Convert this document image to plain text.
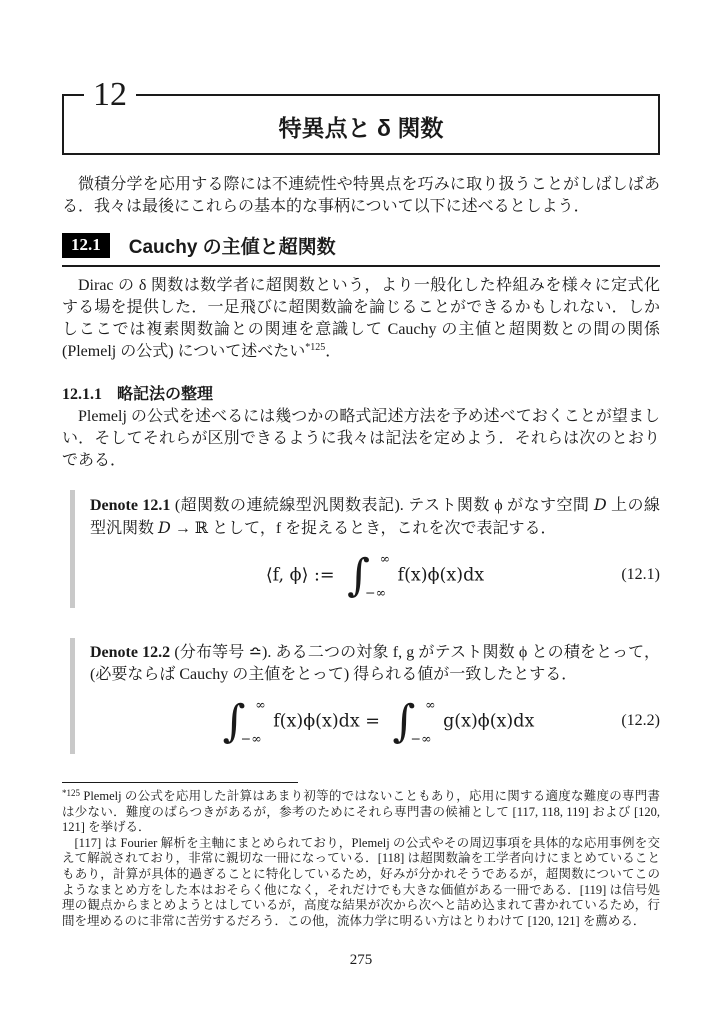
12
特異点と δ 関数

微積分学を応用する際には不連続性や特異点を巧みに取り扱うことがしばしばある．我々は最後にこれらの基本的な事柄について以下に述べるとしよう．

12.1	Cauchy の主値と超関数

Dirac の δ 関数は数学者に超関数という，より一般化した枠組みを様々に定式化する場を提供した．一足飛びに超関数論を論じることができるかもしれない．しかしここでは複素関数論との関連を意識して Cauchy の主値と超関数との間の関係 (Plemelj の公式) について述べたい$^{*125}$．

12.1.1 略記法の整理

Plemelj の公式を述べるには幾つかの略式記述方法を予め述べておくことが望ましい．そしてそれらが区別できるように我々は記法を定めよう．それらは次のとおりである．

Denote 12.1 (超関数の連続線型汎関数表記). テスト関数 ϕ がなす空間 D 上の線型汎関数 D → ℝ として，f を捉えるとき，これを次で表記する．

⟨f, ϕ⟩ := ∫ ∞
−∞
f(x)ϕ(x)dx	(12.1)

Denote 12.2 (分布等号 ≏). ある二つの対象 f, g がテスト関数 ϕ との積をとって，(必要ならば Cauchy の主値をとって) 得られる値が一致したとする．

∫ ∞
−∞
f(x)ϕ(x)dx = ∫ ∞
−∞
g(x)ϕ(x)dx	(12.2)

$^{*125}$ Plemelj の公式を応用した計算はあまり初等的ではないこともあり，応用に関する適度な難度の専門書は少ない．難度のばらつきがあるが，参考のためにそれら専門書の候補として [117, 118, 119] および [120, 121] を挙げる．

[117] は Fourier 解析を主軸にまとめられており，Plemelj の公式やその周辺事項を具体的な応用事例を交えて解説されており，非常に親切な一冊になっている．[118] は超関数論を工学者向けにまとめていることもあり，計算が具体的過ぎることに特化しているため，好みが分かれそうであるが，超関数についてこのようなまとめ方をした本はおそらく他になく，それだけでも大きな価値がある一冊である．[119] は信号処理の観点からまとめようとはしているが，高度な結果が次から次へと詰め込まれて書かれているため，行間を埋めるのに非常に苦労するだろう．この他，流体力学に明るい方はとりわけて [120, 121] を薦める．

275
